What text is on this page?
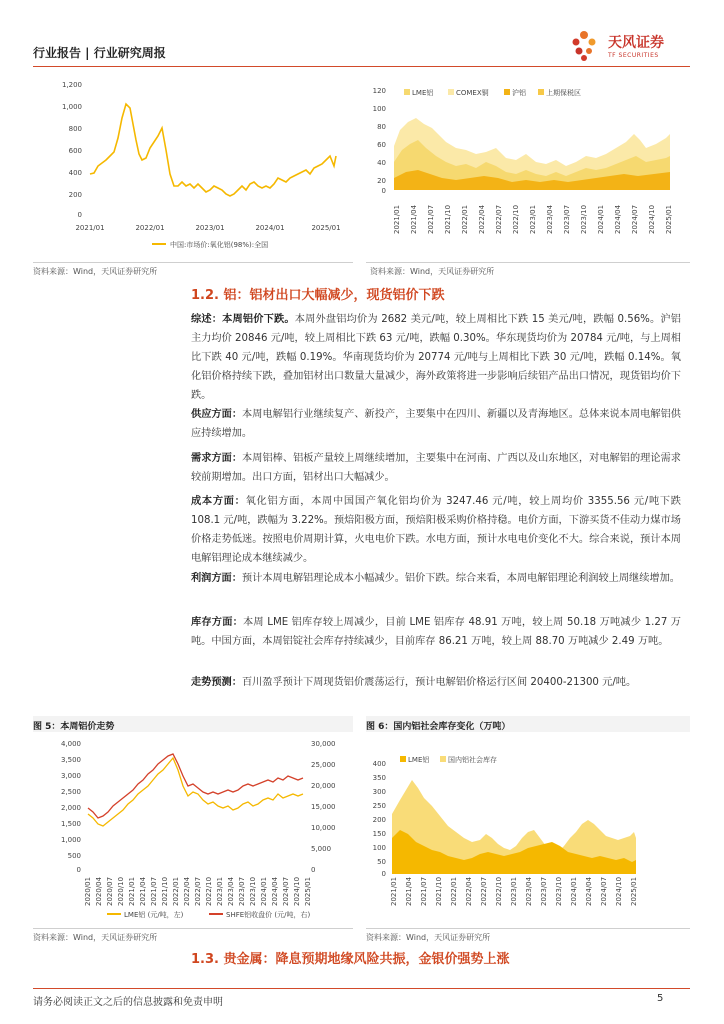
行业报告 | 行业研究周报
天风证券
TF SECURITIES
1,200
1,000
800
600
400
200
0
2021/01	2022/01	2023/01	2024/01	2025/01
中国:市场价:氧化铝(98%):全国
资料来源：Wind，天风证券研究所
120
100
80
60
40
20
0
LME铝	COMEX铜	沪铝	上期保税区
2021/01 2021/04 2021/07 2021/10 2022/01 2022/04 2022/07 2022/10 2023/01 2023/04 2023/07 2023/10 2024/01 2024/04 2024/07 2024/10 2025/01
资料来源：Wind，天风证券研究所
1.2. 铝：铝材出口大幅减少，现货铝价下跌
综述：本周铝价下跌。本周外盘铝均价为 2682 美元/吨，较上周相比下跌 15 美元/吨，跌幅 0.56%。沪铝主力均价 20846 元/吨，较上周相比下跌 63 元/吨，跌幅 0.30%。华东现货均价为 20784 元/吨，与上周相比下跌 40 元/吨，跌幅 0.19%。华南现货均价为 20774 元/吨与上周相比下跌 30 元/吨，跌幅 0.14%。氧化铝价格持续下跌，叠加铝材出口数量大量减少，海外政策将进一步影响后续铝产品出口情况，现货铝均价下跌。
供应方面：本周电解铝行业继续复产、新投产，主要集中在四川、新疆以及青海地区。总体来说本周电解铝供应持续增加。
需求方面：本周铝棒、铝板产量较上周继续增加，主要集中在河南、广西以及山东地区，对电解铝的理论需求较前期增加。出口方面，铝材出口大幅减少。
成本方面：氧化铝方面，本周中国国产氧化铝均价为 3247.46 元/吨，较上周均价 3355.56 元/吨下跌 108.1 元/吨，跌幅为 3.22%。预焙阳极方面，预焙阳极采购价格持稳。电价方面，下游买货不佳动力煤市场价格走势低迷。按照电价周期计算，火电电价下跌。水电方面，预计水电电价变化不大。综合来说，预计本周电解铝理论成本继续减少。
利润方面：预计本周电解铝理论成本小幅减少。铝价下跌。综合来看，本周电解铝理论利润较上周继续增加。
库存方面：本周 LME 铝库存较上周减少，目前 LME 铝库存 48.91 万吨，较上周 50.18 万吨减少 1.27 万吨。中国方面，本周铝锭社会库存持续减少，目前库存 86.21 万吨，较上周 88.70 万吨减少 2.49 万吨。
走势预测：百川盈孚预计下周现货铝价震荡运行，预计电解铝价格运行区间 20400-21300 元/吨。
图 5：本周铝价走势
4,000
3,500
3,000
2,500
2,000
1,500
1,000
500
0
30,000
25,000
20,000
15,000
10,000
5,000
0
2020/01 2020/04 2020/07 2020/10 2021/01 2021/04 2021/07 2021/10 2022/01 2022/04 2022/07 2022/10 2023/01 2023/04 2023/07 2023/10 2024/01 2024/04 2024/07 2024/10 2025/01
LME铝 (元/吨，左)	SHFE铝收盘价 (元/吨，右)
资料来源：Wind，天风证券研究所
图 6：国内铝社会库存变化（万吨）
400
350
300
250
200
150
100
50
0
LME铝	国内铝社会库存
2021/01 2021/04 2021/07 2021/10 2022/01 2022/04 2022/07 2022/10 2023/01 2023/04 2023/07 2023/10 2024/01 2024/04 2024/07 2024/10 2025/01
资料来源：Wind，天风证券研究所
1.3. 贵金属：降息预期地缘风险共振，金银价强势上涨
请务必阅读正文之后的信息披露和免责申明	5
